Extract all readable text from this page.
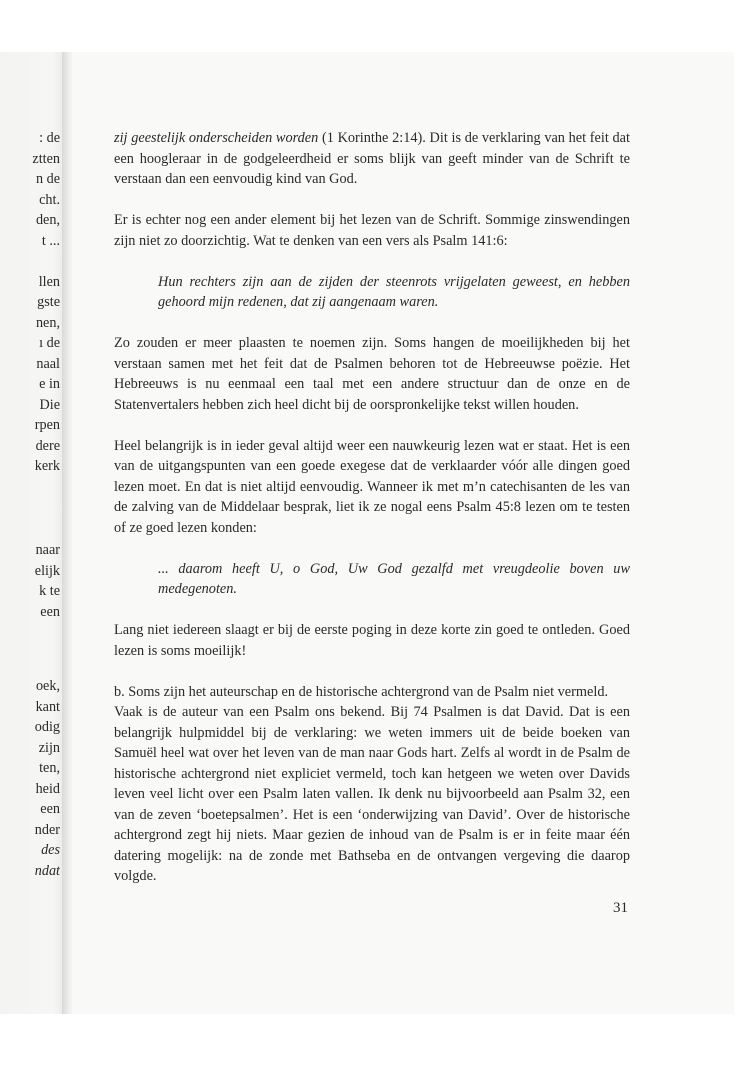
: de
ztten
n de
cht.
den,
t ...
llen
gste
nen,
ı de
naal
e in
Die
rpen
dere
kerk
naar
elijk
k te
een
oek,
kant
odig
zijn
ten,
heid
een
nder
des
ndat

zij geestelijk onderscheiden worden (1 Korinthe 2:14). Dit is de verklaring van het feit dat een hoogleraar in de godgeleerdheid er soms blijk van geeft minder van de Schrift te verstaan dan een eenvoudig kind van God.

Er is echter nog een ander element bij het lezen van de Schrift. Sommige zinswendingen zijn niet zo doorzichtig. Wat te denken van een vers als Psalm 141:6:

Hun rechters zijn aan de zijden der steenrots vrijgelaten geweest, en hebben gehoord mijn redenen, dat zij aangenaam waren.

Zo zouden er meer plaasten te noemen zijn. Soms hangen de moeilijkheden bij het verstaan samen met het feit dat de Psalmen behoren tot de Hebreeuwse poëzie. Het Hebreeuws is nu eenmaal een taal met een andere structuur dan de onze en de Statenvertalers hebben zich heel dicht bij de oorspronkelijke tekst willen houden.

Heel belangrijk is in ieder geval altijd weer een nauwkeurig lezen wat er staat. Het is een van de uitgangspunten van een goede exegese dat de verklaarder vóór alle dingen goed lezen moet. En dat is niet altijd eenvoudig. Wanneer ik met m’n catechisanten de les van de zalving van de Middelaar besprak, liet ik ze nogal eens Psalm 45:8 lezen om te testen of ze goed lezen konden:

... daarom heeft U, o God, Uw God gezalfd met vreugdeolie boven uw medegenoten.

Lang niet iedereen slaagt er bij de eerste poging in deze korte zin goed te ontleden. Goed lezen is soms moeilijk!

b. Soms zijn het auteurschap en de historische achtergrond van de Psalm niet vermeld.

Vaak is de auteur van een Psalm ons bekend. Bij 74 Psalmen is dat David. Dat is een belangrijk hulpmiddel bij de verklaring: we weten immers uit de beide boeken van Samuël heel wat over het leven van de man naar Gods hart. Zelfs al wordt in de Psalm de historische achtergrond niet expliciet vermeld, toch kan hetgeen we weten over Davids leven veel licht over een Psalm laten vallen. Ik denk nu bijvoorbeeld aan Psalm 32, een van de zeven ‘boetepsalmen’. Het is een ‘onderwijzing van David’. Over de historische achtergrond zegt hij niets. Maar gezien de inhoud van de Psalm is er in feite maar één datering mogelijk: na de zonde met Bathseba en de ontvangen vergeving die daarop volgde.

31
